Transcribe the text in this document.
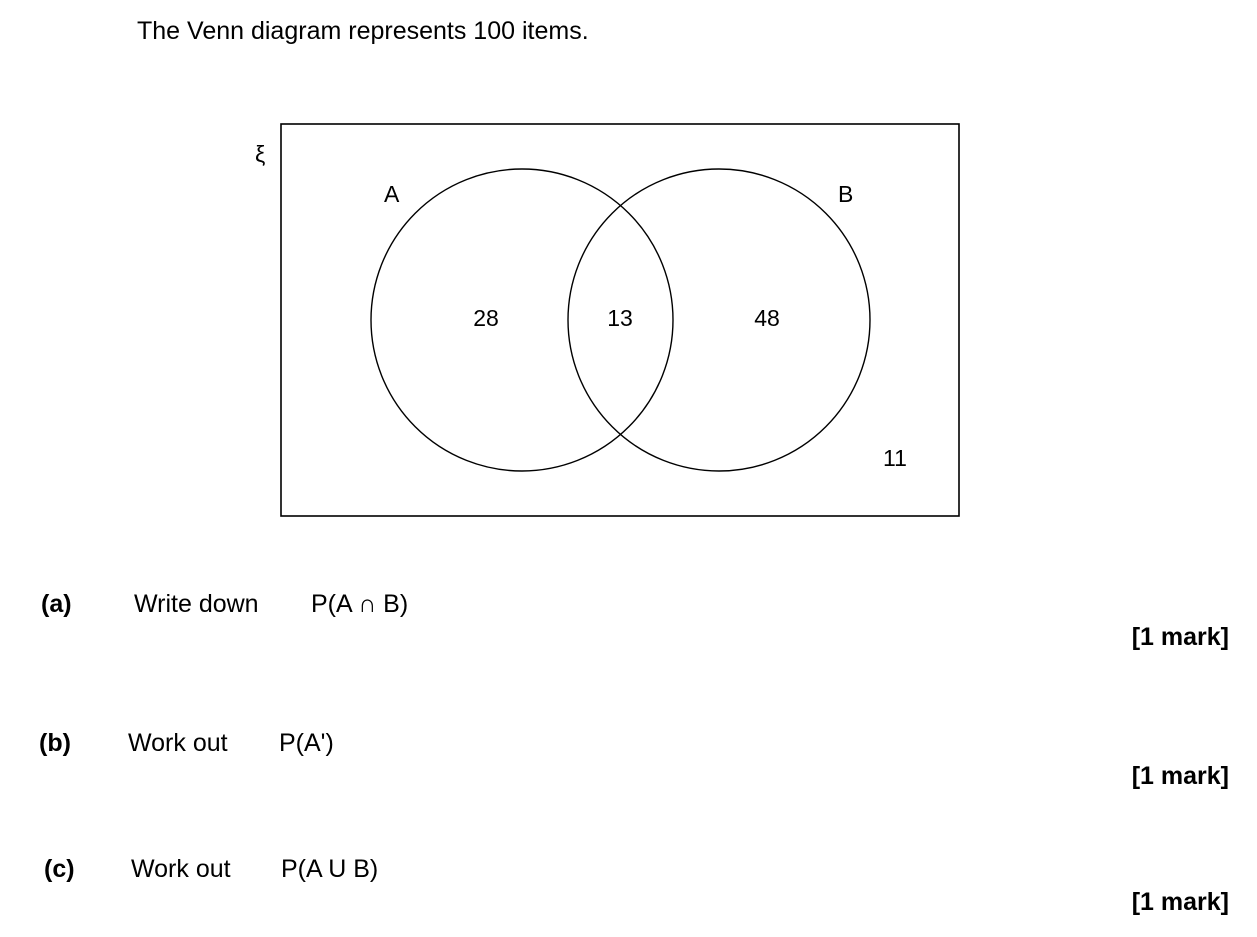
The Venn diagram represents 100 items.
ξ
A	B
28	13	48
11
(a) Write down P(A ∩ B)
[1 mark]
(b) Work out P(A')
[1 mark]
(c) Work out P(A U B)
[1 mark]
